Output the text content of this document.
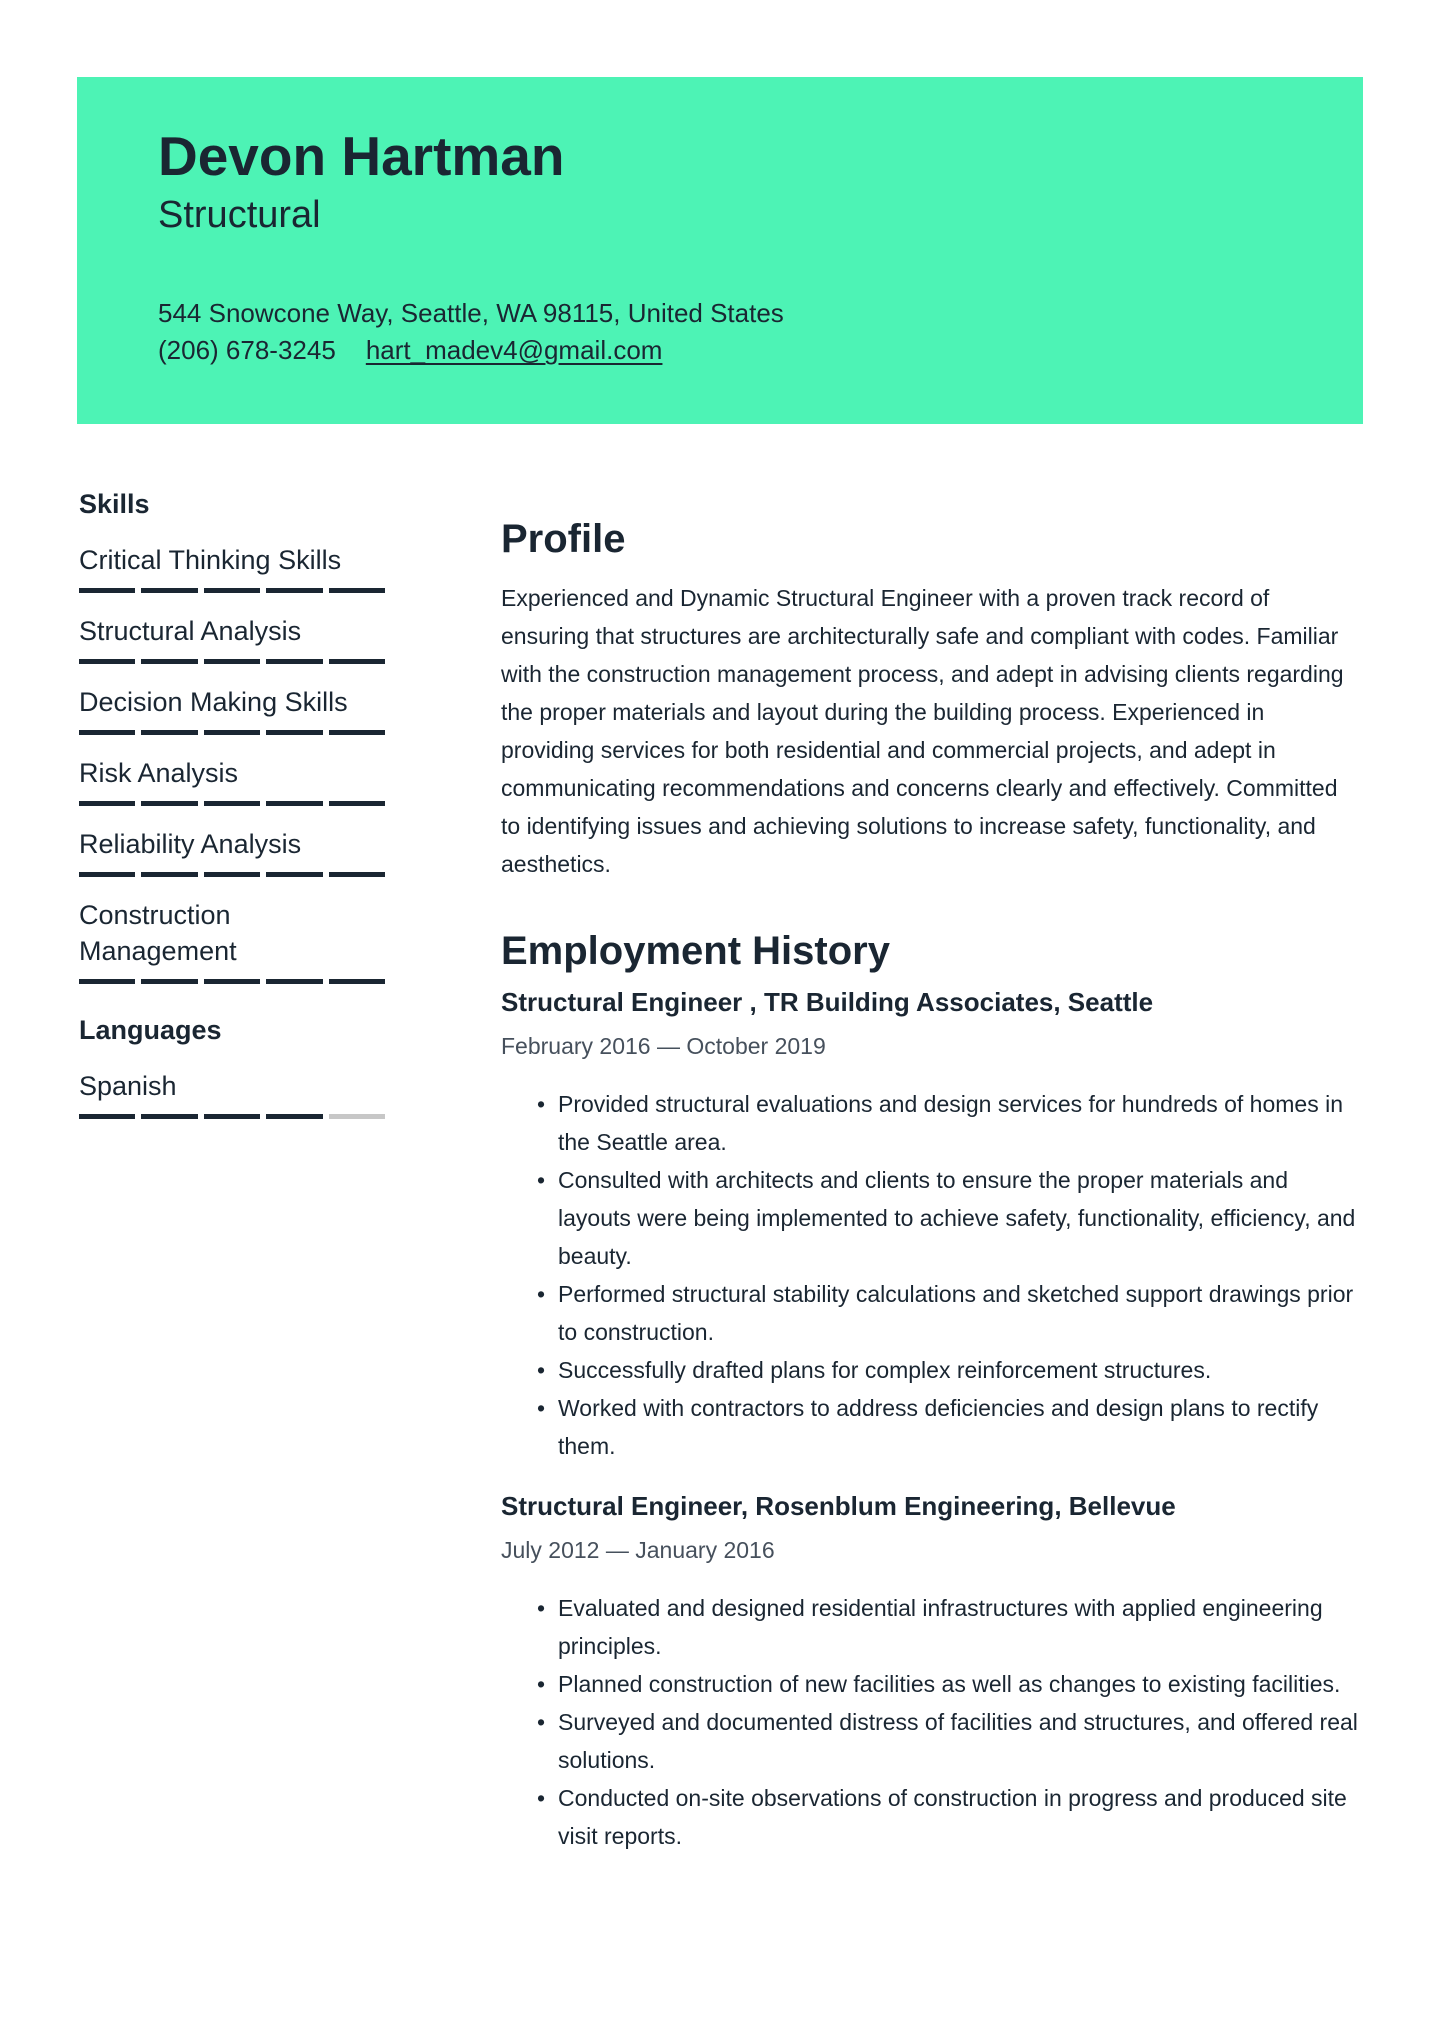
Devon Hartman
Structural
544 Snowcone Way, Seattle, WA 98115, United States
(206) 678-3245 hart_madev4@gmail.com
Skills
Critical Thinking Skills
Structural Analysis
Decision Making Skills
Risk Analysis
Reliability Analysis
Construction Management
Languages
Spanish
Profile

Experienced and Dynamic Structural Engineer with a proven track record of ensuring that structures are architecturally safe and compliant with codes. Familiar with the construction management process, and adept in advising clients regarding the proper materials and layout during the building process. Experienced in providing services for both residential and commercial projects, and adept in communicating recommendations and concerns clearly and effectively. Committed to identifying issues and achieving solutions to increase safety, functionality, and aesthetics.

Employment History
Structural Engineer , TR Building Associates, Seattle
February 2016 — October 2019
• Provided structural evaluations and design services for hundreds of homes in the Seattle area.
• Consulted with architects and clients to ensure the proper materials and layouts were being implemented to achieve safety, functionality, efficiency, and beauty.
• Performed structural stability calculations and sketched support drawings prior to construction.
• Successfully drafted plans for complex reinforcement structures.
• Worked with contractors to address deficiencies and design plans to rectify them.
Structural Engineer, Rosenblum Engineering, Bellevue
July 2012 — January 2016
• Evaluated and designed residential infrastructures with applied engineering principles.
• Planned construction of new facilities as well as changes to existing facilities.
• Surveyed and documented distress of facilities and structures, and offered real solutions.
• Conducted on-site observations of construction in progress and produced site visit reports.
